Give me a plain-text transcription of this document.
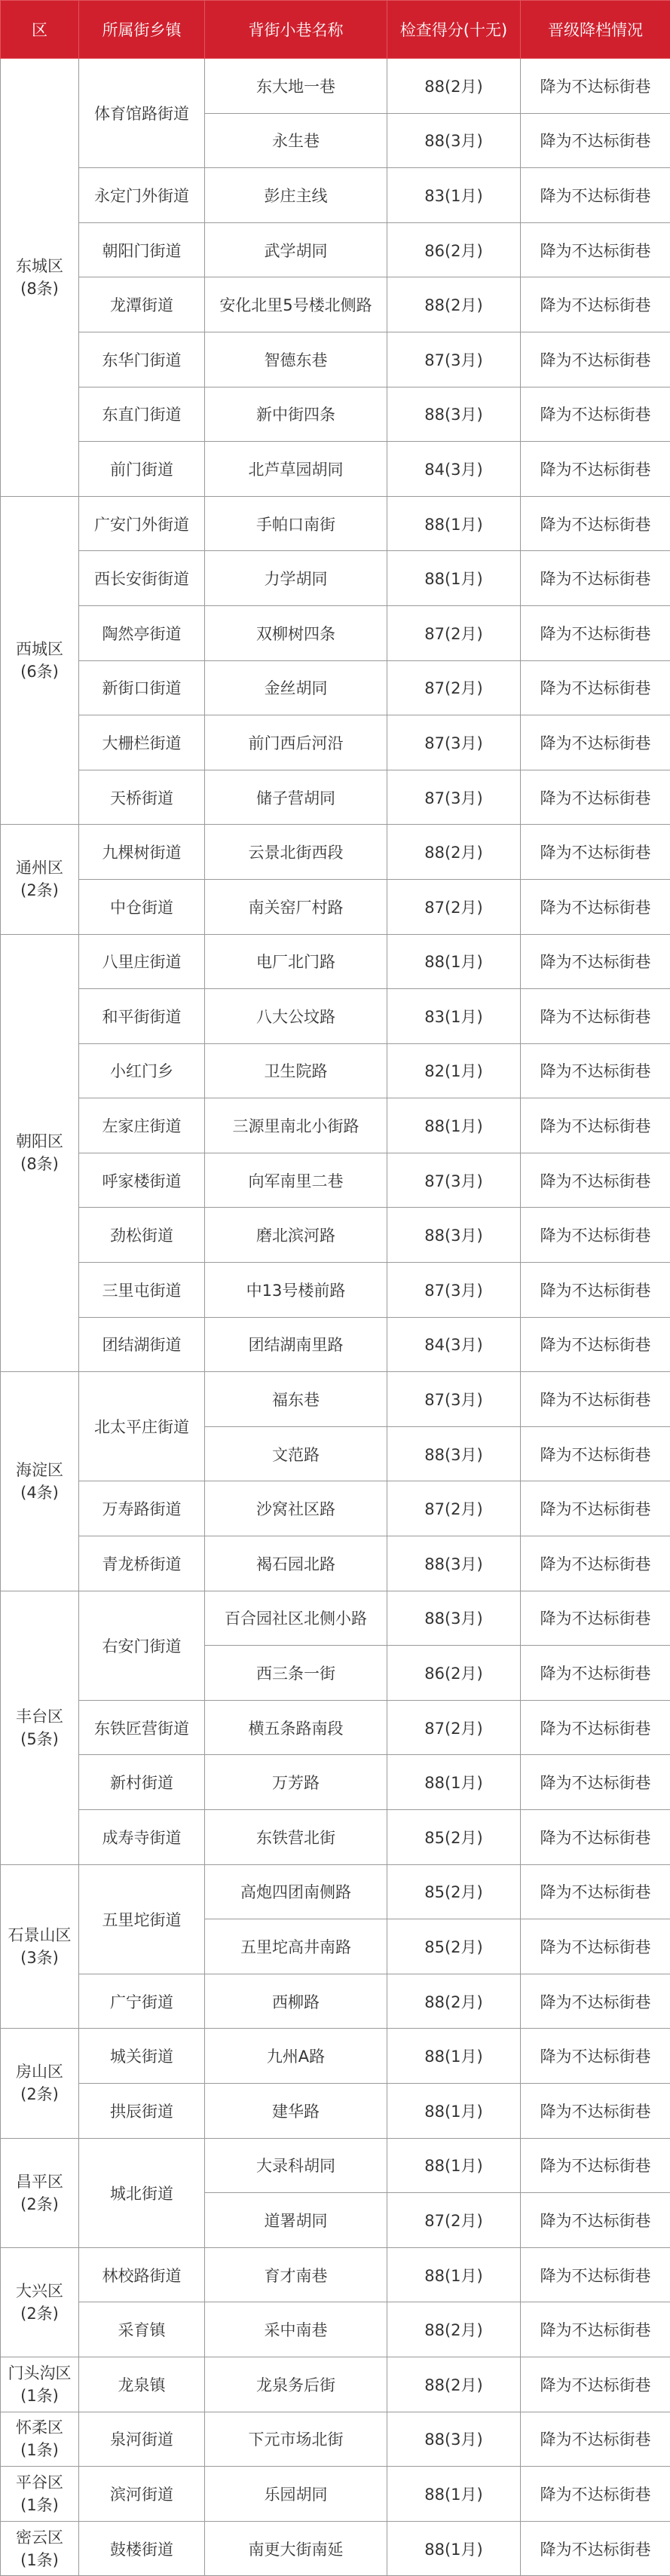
区	所属街乡镇	背街小巷名称	检查得分(十无)	晋级降档情况

东城区
(8条)	体育馆路街道	东大地一巷	88(2月)	降为不达标街巷
		永生巷	88(3月)	降为不达标街巷
	永定门外街道	彭庄主线	83(1月)	降为不达标街巷
	朝阳门街道	武学胡同	86(2月)	降为不达标街巷
	龙潭街道	安化北里5号楼北侧路	88(2月)	降为不达标街巷
	东华门街道	智德东巷	87(3月)	降为不达标街巷
	东直门街道	新中街四条	88(3月)	降为不达标街巷
	前门街道	北芦草园胡同	84(3月)	降为不达标街巷

西城区
(6条)	广安门外街道	手帕口南街	88(1月)	降为不达标街巷
	西长安街街道	力学胡同	88(1月)	降为不达标街巷
	陶然亭街道	双柳树四条	87(2月)	降为不达标街巷
	新街口街道	金丝胡同	87(2月)	降为不达标街巷
	大栅栏街道	前门西后河沿	87(3月)	降为不达标街巷
	天桥街道	储子营胡同	87(3月)	降为不达标街巷

通州区
(2条)	九棵树街道	云景北街西段	88(2月)	降为不达标街巷
	中仓街道	南关窑厂村路	87(2月)	降为不达标街巷

朝阳区
(8条)	八里庄街道	电厂北门路	88(1月)	降为不达标街巷
	和平街街道	八大公坟路	83(1月)	降为不达标街巷
	小红门乡	卫生院路	82(1月)	降为不达标街巷
	左家庄街道	三源里南北小街路	88(1月)	降为不达标街巷
	呼家楼街道	向军南里二巷	87(3月)	降为不达标街巷
	劲松街道	磨北滨河路	88(3月)	降为不达标街巷
	三里屯街道	中13号楼前路	87(3月)	降为不达标街巷
	团结湖街道	团结湖南里路	84(3月)	降为不达标街巷

海淀区
(4条)	北太平庄街道	福东巷	87(3月)	降为不达标街巷
		文范路	88(3月)	降为不达标街巷
	万寿路街道	沙窝社区路	87(2月)	降为不达标街巷
	青龙桥街道	褐石园北路	88(3月)	降为不达标街巷

丰台区
(5条)	右安门街道	百合园社区北侧小路	88(3月)	降为不达标街巷
		西三条一街	86(2月)	降为不达标街巷
	东铁匠营街道	横五条路南段	87(2月)	降为不达标街巷
	新村街道	万芳路	88(1月)	降为不达标街巷
	成寿寺街道	东铁营北街	85(2月)	降为不达标街巷

石景山区
(3条)	五里坨街道	高炮四团南侧路	85(2月)	降为不达标街巷
		五里坨高井南路	85(2月)	降为不达标街巷
	广宁街道	西柳路	88(2月)	降为不达标街巷

房山区
(2条)	城关街道	九州A路	88(1月)	降为不达标街巷
	拱辰街道	建华路	88(1月)	降为不达标街巷

昌平区
(2条)	城北街道	大录科胡同	88(1月)	降为不达标街巷
		道署胡同	87(2月)	降为不达标街巷

大兴区
(2条)	林校路街道	育才南巷	88(1月)	降为不达标街巷
	采育镇	采中南巷	88(2月)	降为不达标街巷

门头沟区
(1条)	龙泉镇	龙泉务后街	88(2月)	降为不达标街巷

怀柔区
(1条)	泉河街道	下元市场北街	88(3月)	降为不达标街巷

平谷区
(1条)	滨河街道	乐园胡同	88(1月)	降为不达标街巷

密云区
(1条)	鼓楼街道	南更大街南延	88(1月)	降为不达标街巷
